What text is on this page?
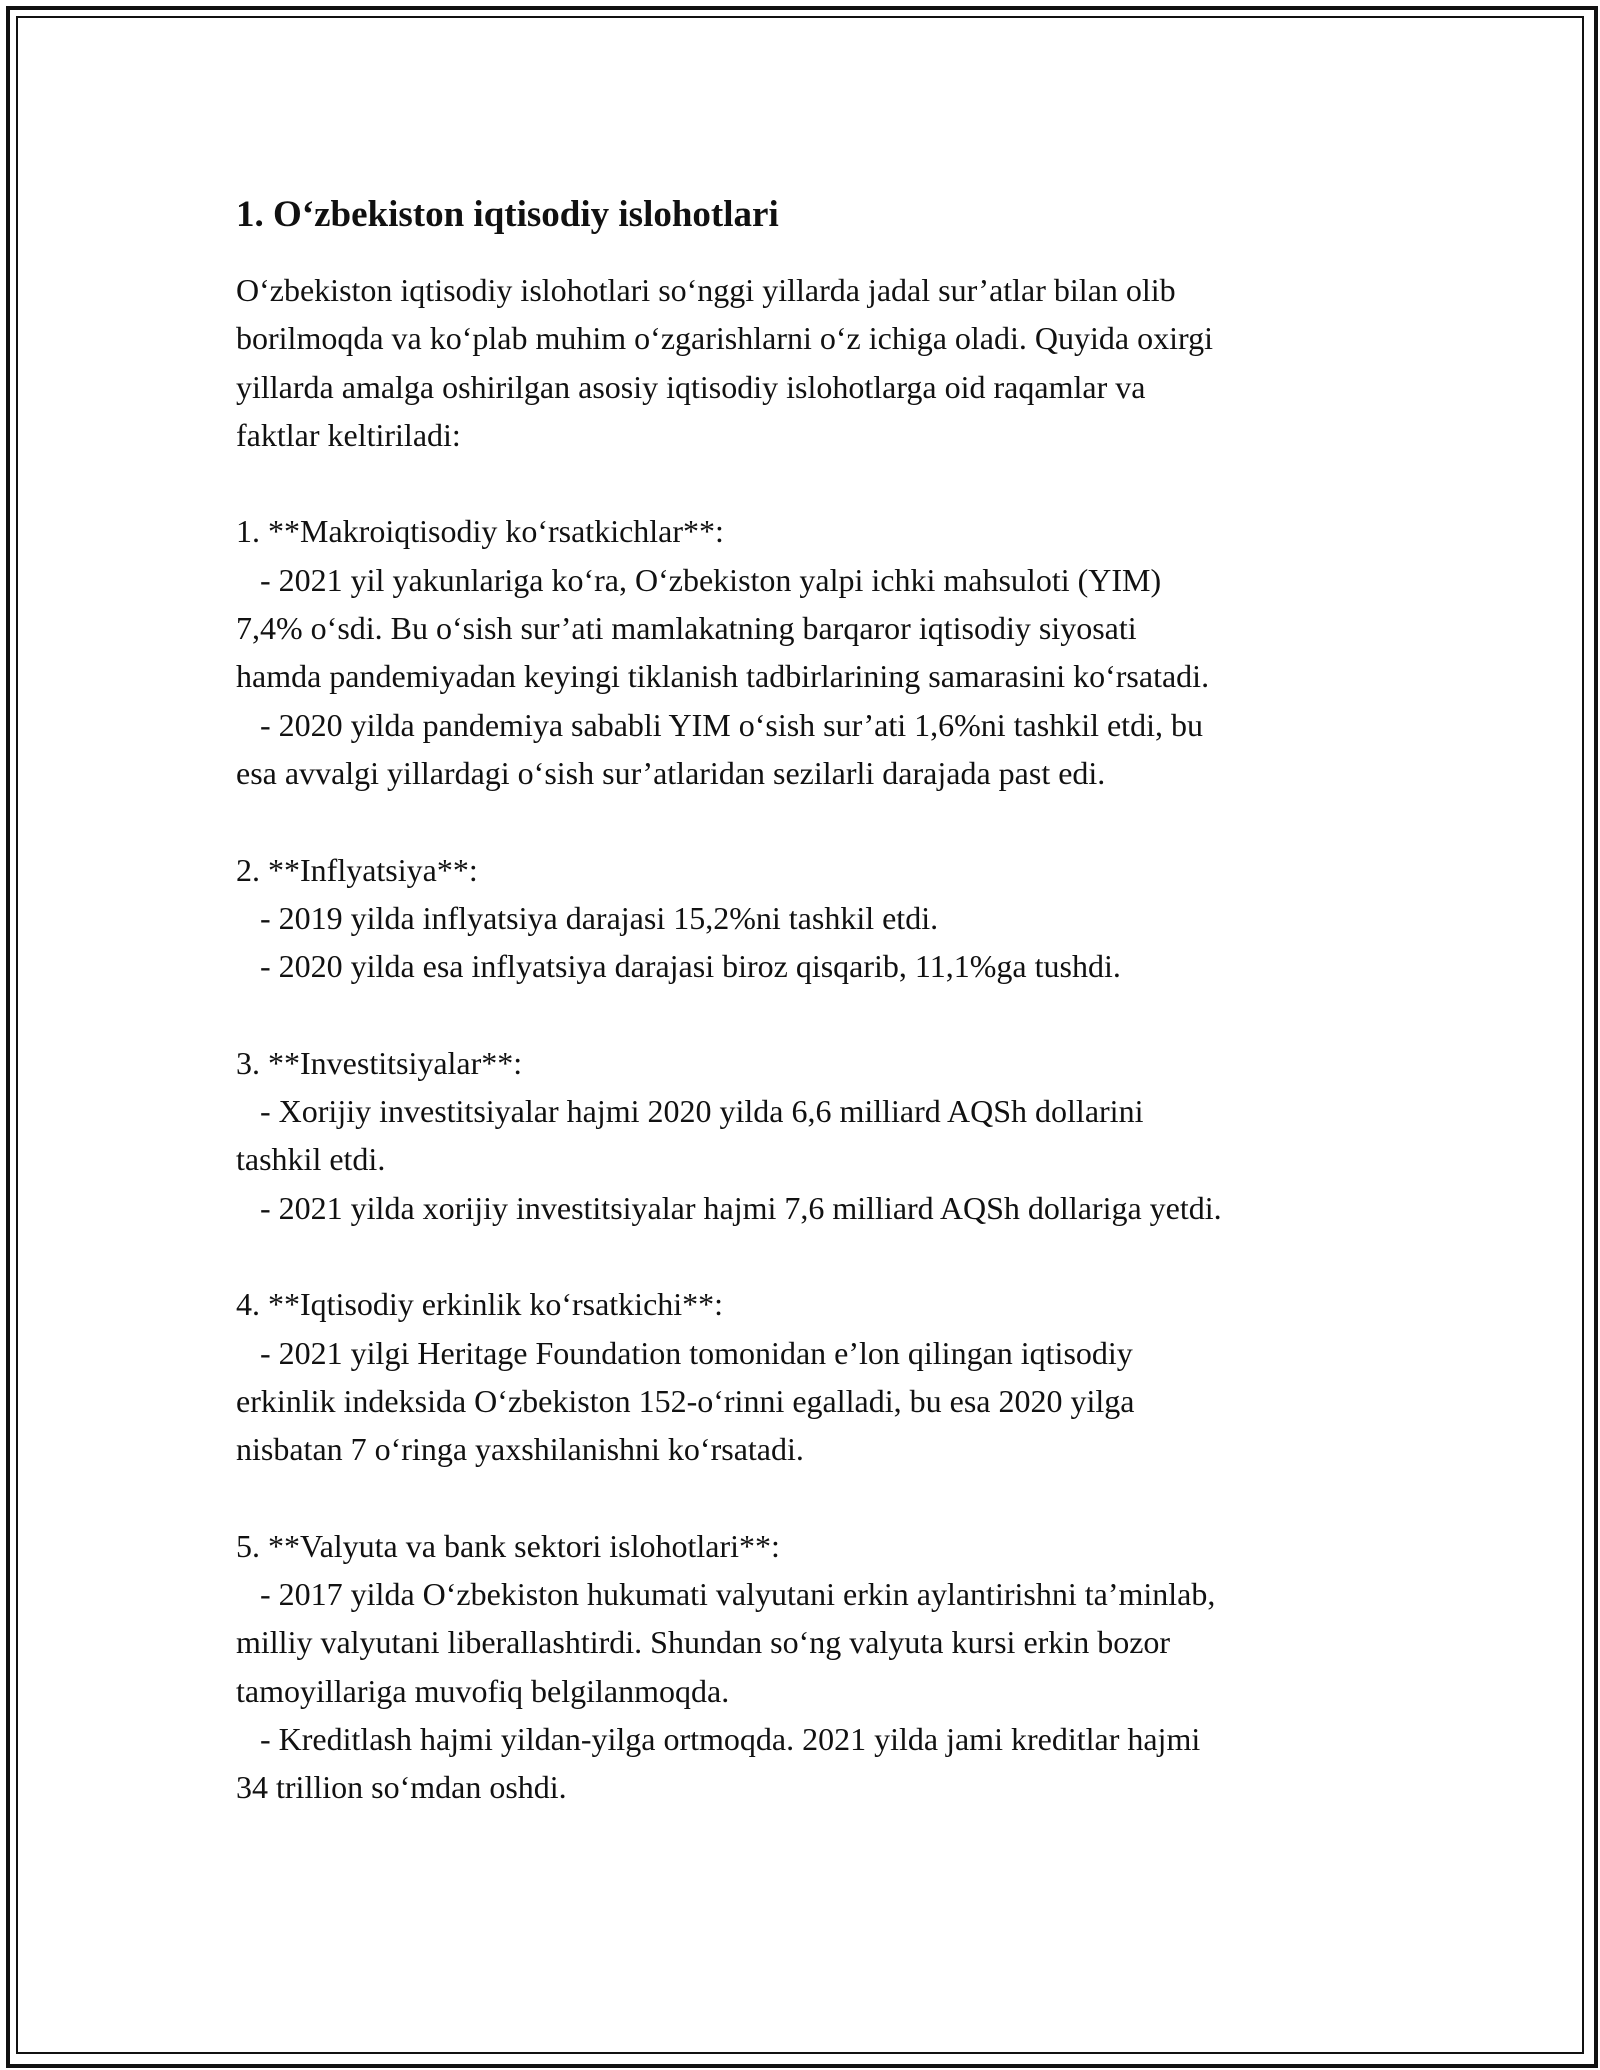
1. O‘zbekiston iqtisodiy islohotlari
O‘zbekiston iqtisodiy islohotlari so‘nggi yillarda jadal sur’atlar bilan olib
borilmoqda va ko‘plab muhim o‘zgarishlarni o‘z ichiga oladi. Quyida oxirgi
yillarda amalga oshirilgan asosiy iqtisodiy islohotlarga oid raqamlar va
faktlar keltiriladi:
1. **Makroiqtisodiy ko‘rsatkichlar**:
- 2021 yil yakunlariga ko‘ra, O‘zbekiston yalpi ichki mahsuloti (YIM)
7,4% o‘sdi. Bu o‘sish sur’ati mamlakatning barqaror iqtisodiy siyosati
hamda pandemiyadan keyingi tiklanish tadbirlarining samarasini ko‘rsatadi.
- 2020 yilda pandemiya sababli YIM o‘sish sur’ati 1,6%ni tashkil etdi, bu
esa avvalgi yillardagi o‘sish sur’atlaridan sezilarli darajada past edi.
2. **Inflyatsiya**:
- 2019 yilda inflyatsiya darajasi 15,2%ni tashkil etdi.
- 2020 yilda esa inflyatsiya darajasi biroz qisqarib, 11,1%ga tushdi.
3. **Investitsiyalar**:
- Xorijiy investitsiyalar hajmi 2020 yilda 6,6 milliard AQSh dollarini
tashkil etdi.
- 2021 yilda xorijiy investitsiyalar hajmi 7,6 milliard AQSh dollariga yetdi.
4. **Iqtisodiy erkinlik ko‘rsatkichi**:
- 2021 yilgi Heritage Foundation tomonidan e’lon qilingan iqtisodiy
erkinlik indeksida O‘zbekiston 152-o‘rinni egalladi, bu esa 2020 yilga
nisbatan 7 o‘ringa yaxshilanishni ko‘rsatadi.
5. **Valyuta va bank sektori islohotlari**:
- 2017 yilda O‘zbekiston hukumati valyutani erkin aylantirishni ta’minlab,
milliy valyutani liberallashtirdi. Shundan so‘ng valyuta kursi erkin bozor
tamoyillariga muvofiq belgilanmoqda.
- Kreditlash hajmi yildan-yilga ortmoqda. 2021 yilda jami kreditlar hajmi
34 trillion so‘mdan oshdi.
